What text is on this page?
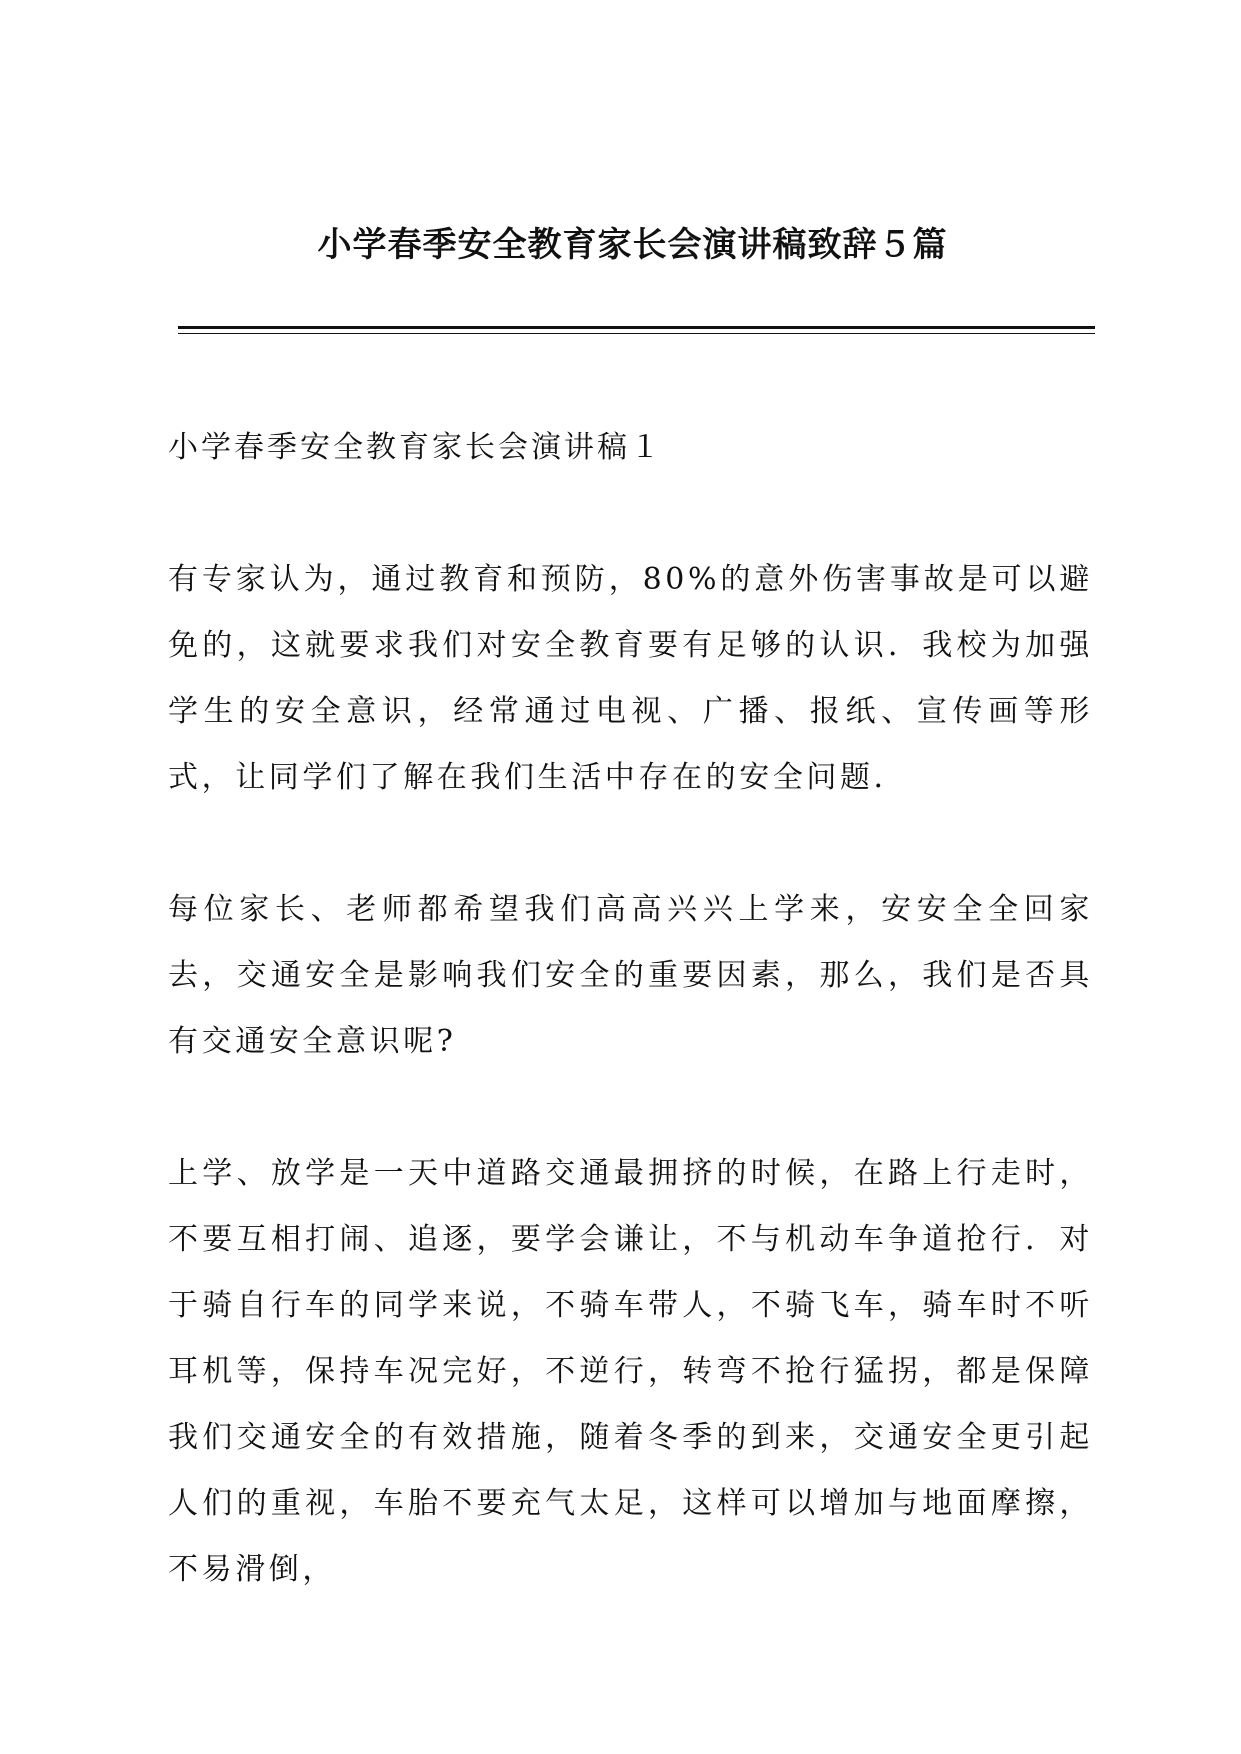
小学春季安全教育家长会演讲稿致辞５篇

小学春季安全教育家长会演讲稿１

有专家认为，通过教育和预防，80%的意外伤害事故是可以避免的，这就要求我们对安全教育要有足够的认识．我校为加强学生的安全意识，经常通过电视、广播、报纸、宣传画等形式，让同学们了解在我们生活中存在的安全问题．

每位家长、老师都希望我们高高兴兴上学来，安安全全回家去，交通安全是影响我们安全的重要因素，那么，我们是否具有交通安全意识呢?

上学、放学是一天中道路交通最拥挤的时候，在路上行走时，不要互相打闹、追逐，要学会谦让，不与机动车争道抢行．对于骑自行车的同学来说，不骑车带人，不骑飞车，骑车时不听耳机等，保持车况完好，不逆行，转弯不抢行猛拐，都是保障我们交通安全的有效措施，随着冬季的到来，交通安全更引起人们的重视，车胎不要充气太足，这样可以增加与地面摩擦，不易滑倒，
